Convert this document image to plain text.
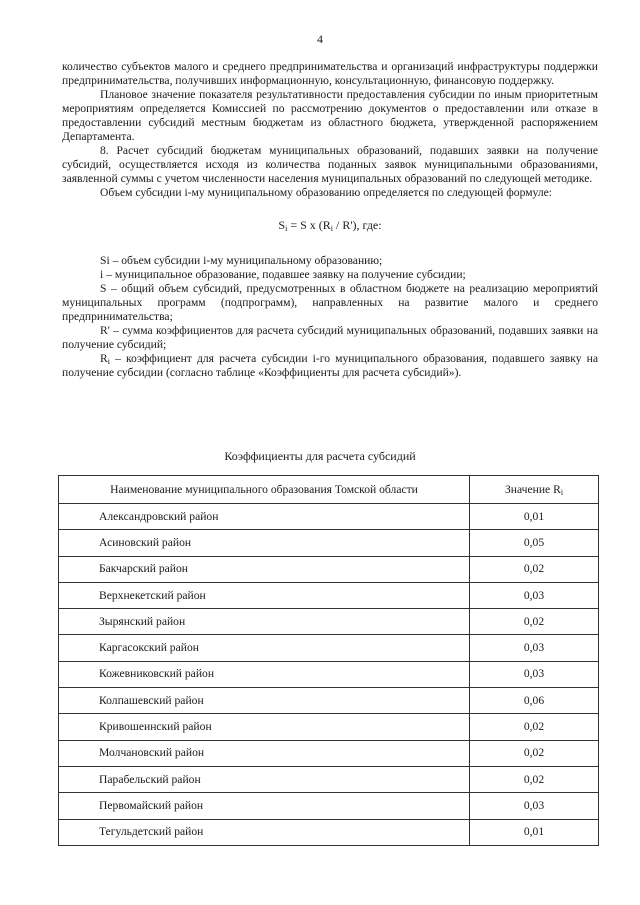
4

количество субъектов малого и среднего предпринимательства и организаций инфраструктуры поддержки предпринимательства, получивших информационную, консультационную, финансовую поддержку.

Плановое значение показателя результативности предоставления субсидии по иным приоритетным мероприятиям определяется Комиссией по рассмотрению документов о предоставлении или отказе в предоставлении субсидий местным бюджетам из областного бюджета, утвержденной распоряжением Департамента.

8. Расчет субсидий бюджетам муниципальных образований, подавших заявки на получение субсидий, осуществляется исходя из количества поданных заявок муниципальными образованиями, заявленной суммы с учетом численности населения муниципальных образований по следующей методике.

Объем субсидии i-му муниципальному образованию определяется по следующей формуле:

$S_i = S$ x $(R_i / R')$, где:

Si – объем субсидии i-му муниципальному образованию;

i – муниципальное образование, подавшее заявку на получение субсидии;

S – общий объем субсидий, предусмотренных в областном бюджете на реализацию мероприятий муниципальных программ (подпрограмм), направленных на развитие малого и среднего предпринимательства;

R' – сумма коэффициентов для расчета субсидий муниципальных образований, подавших заявки на получение субсидий;

$R_i$ – коэффициент для расчета субсидии i-го муниципального образования, подавшего заявку на получение субсидии (согласно таблице «Коэффициенты для расчета субсидий»).

Коэффициенты для расчета субсидий
Наименование муниципального образования Томской области	Значение $R_i$
Александровский район	0,01
Асиновский район	0,05
Бакчарский район	0,02
Верхнекетский район	0,03
Зырянский район	0,02
Каргасокский район	0,03
Кожевниковский район	0,03
Колпашевский район	0,06
Кривошеинский район	0,02
Молчановский район	0,02
Парабельский район	0,02
Первомайский район	0,03
Тегульдетский район	0,01
